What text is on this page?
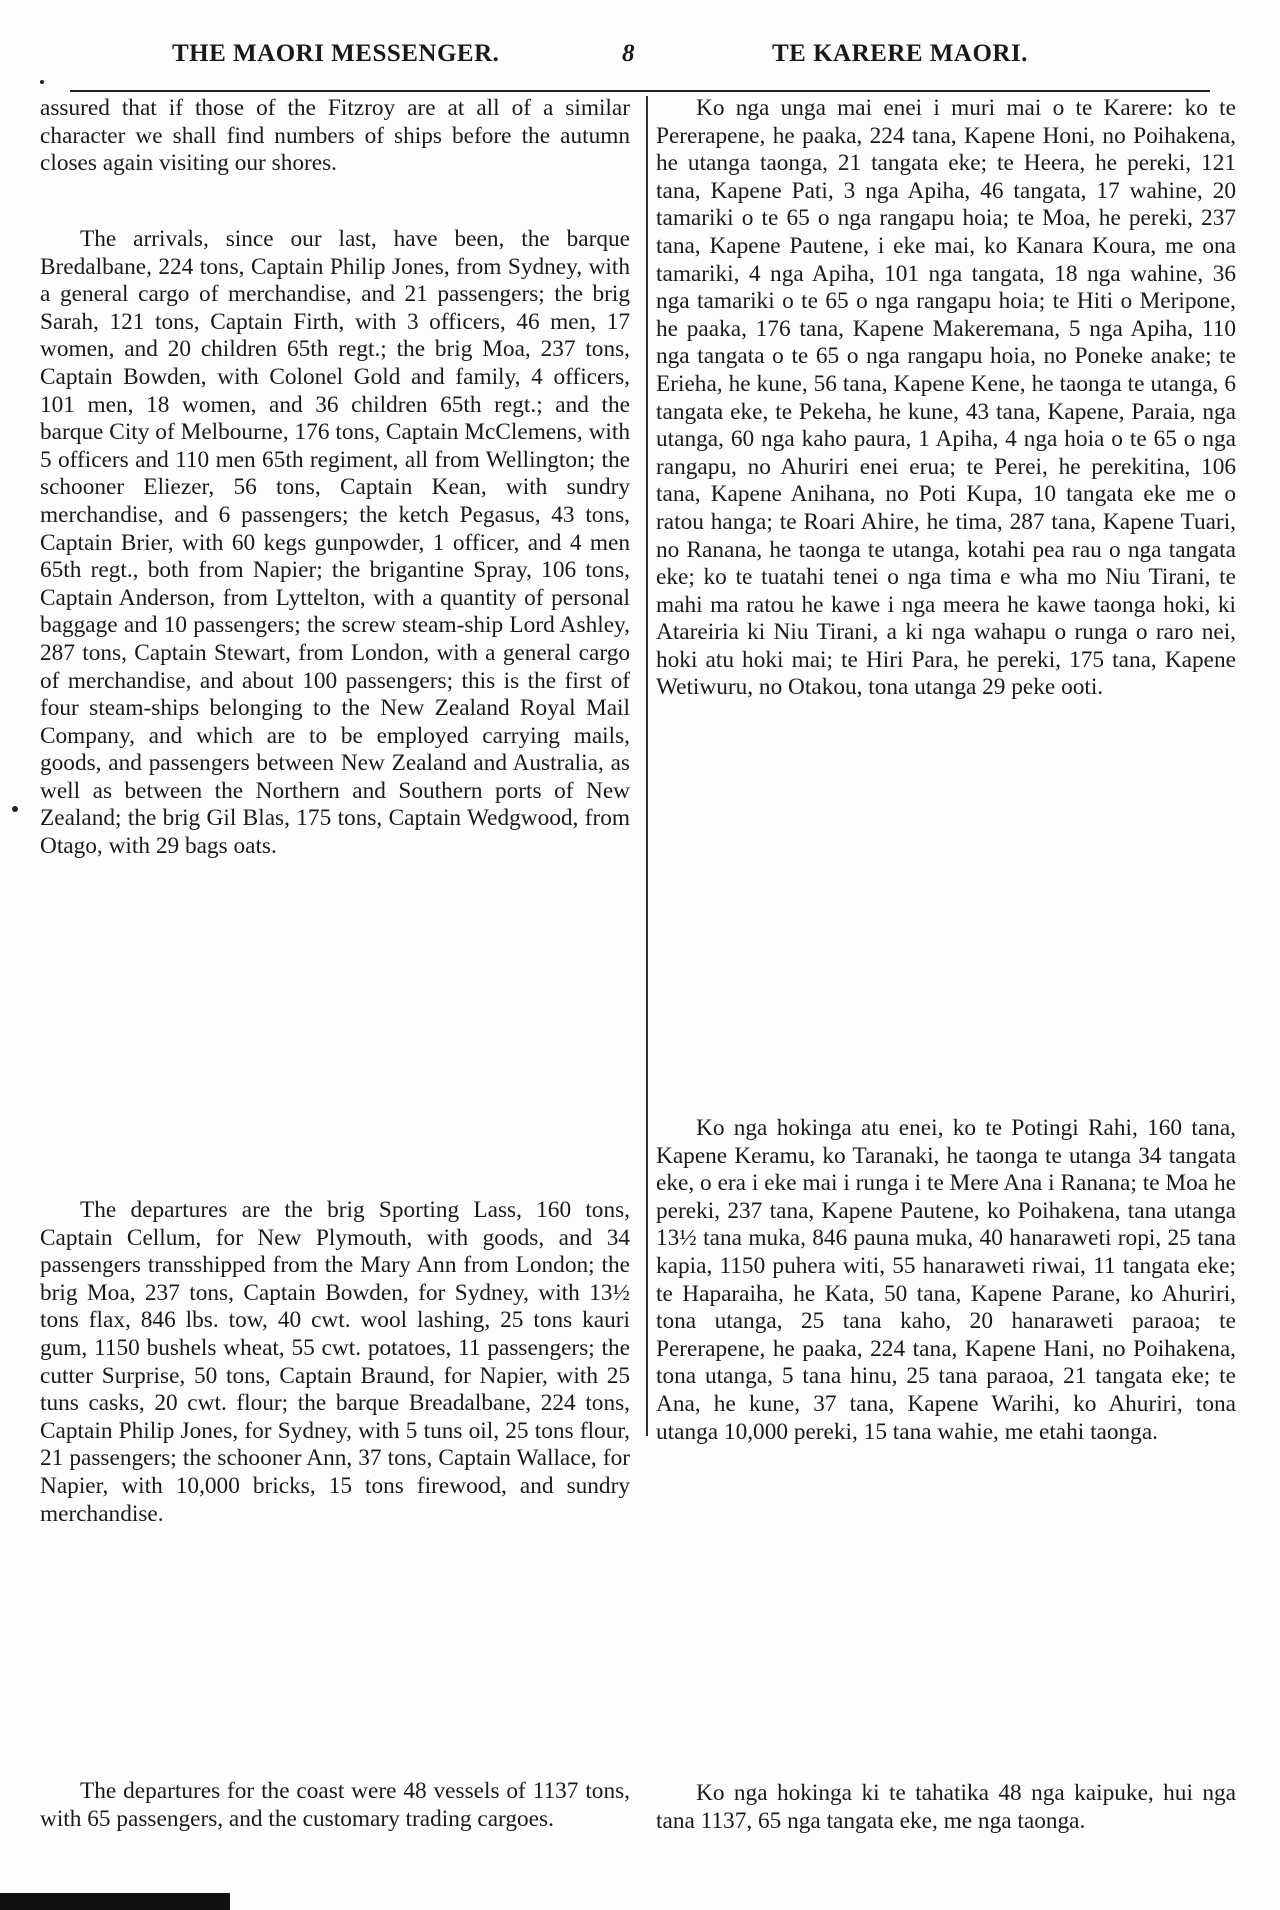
THE MAORI MESSENGER.	8	TE KARERE MAORI.

assured that if those of the Fitzroy are at all of a similar character we shall find numbers of ships before the autumn closes again visiting our shores.

The arrivals, since our last, have been, the barque Bredalbane, 224 tons, Captain Philip Jones, from Sydney, with a general cargo of merchandise, and 21 passengers; the brig Sarah, 121 tons, Captain Firth, with 3 officers, 46 men, 17 women, and 20 children 65th regt.; the brig Moa, 237 tons, Captain Bowden, with Colonel Gold and family, 4 officers, 101 men, 18 women, and 36 children 65th regt.; and the barque City of Melbourne, 176 tons, Captain McClemens, with 5 officers and 110 men 65th regiment, all from Wellington; the schooner Eliezer, 56 tons, Captain Kean, with sundry merchandise, and 6 passengers; the ketch Pegasus, 43 tons, Captain Brier, with 60 kegs gunpowder, 1 officer, and 4 men 65th regt., both from Napier; the brigantine Spray, 106 tons, Captain Anderson, from Lyttelton, with a quantity of personal baggage and 10 passengers; the screw steam-ship Lord Ashley, 287 tons, Captain Stewart, from London, with a general cargo of merchandise, and about 100 passengers; this is the first of four steam-ships belonging to the New Zealand Royal Mail Company, and which are to be employed carrying mails, goods, and passengers between New Zealand and Australia, as well as between the Northern and Southern ports of New Zealand; the brig Gil Blas, 175 tons, Captain Wedgwood, from Otago, with 29 bags oats.

The departures are the brig Sporting Lass, 160 tons, Captain Cellum, for New Plymouth, with goods, and 34 passengers transshipped from the Mary Ann from London; the brig Moa, 237 tons, Captain Bowden, for Sydney, with 13½ tons flax, 846 lbs. tow, 40 cwt. wool lashing, 25 tons kauri gum, 1150 bushels wheat, 55 cwt. potatoes, 11 passengers; the cutter Surprise, 50 tons, Captain Braund, for Napier, with 25 tuns casks, 20 cwt. flour; the barque Breadalbane, 224 tons, Captain Philip Jones, for Sydney, with 5 tuns oil, 25 tons flour, 21 passengers; the schooner Ann, 37 tons, Captain Wallace, for Napier, with 10,000 bricks, 15 tons firewood, and sundry merchandise.

The departures for the coast were 48 vessels of 1137 tons, with 65 passengers, and the customary trading cargoes.

Ko nga unga mai enei i muri mai o te Karere: ko te Pererapene, he paaka, 224 tana, Kapene Honi, no Poihakena, he utanga taonga, 21 tangata eke; te Heera, he pereki, 121 tana, Kapene Pati, 3 nga Apiha, 46 tangata, 17 wahine, 20 tamariki o te 65 o nga rangapu hoia; te Moa, he pereki, 237 tana, Kapene Pautene, i eke mai, ko Kanara Koura, me ona tamariki, 4 nga Apiha, 101 nga tangata, 18 nga wahine, 36 nga tamariki o te 65 o nga rangapu hoia; te Hiti o Meripone, he paaka, 176 tana, Kapene Makeremana, 5 nga Apiha, 110 nga tangata o te 65 o nga rangapu hoia, no Poneke anake; te Erieha, he kune, 56 tana, Kapene Kene, he taonga te utanga, 6 tangata eke, te Pekeha, he kune, 43 tana, Kapene, Paraia, nga utanga, 60 nga kaho paura, 1 Apiha, 4 nga hoia o te 65 o nga rangapu, no Ahuriri enei erua; te Perei, he perekitina, 106 tana, Kapene Anihana, no Poti Kupa, 10 tangata eke me o ratou hanga; te Roari Ahire, he tima, 287 tana, Kapene Tuari, no Ranana, he taonga te utanga, kotahi pea rau o nga tangata eke; ko te tuatahi tenei o nga tima e wha mo Niu Tirani, te mahi ma ratou he kawe i nga meera he kawe taonga hoki, ki Atareiria ki Niu Tirani, a ki nga wahapu o runga o raro nei, hoki atu hoki mai; te Hiri Para, he pereki, 175 tana, Kapene Wetiwuru, no Otakou, tona utanga 29 peke ooti.

Ko nga hokinga atu enei, ko te Potingi Rahi, 160 tana, Kapene Keramu, ko Taranaki, he taonga te utanga 34 tangata eke, o era i eke mai i runga i te Mere Ana i Ranana; te Moa he pereki, 237 tana, Kapene Pautene, ko Poihakena, tana utanga 13½ tana muka, 846 pauna muka, 40 hanaraweti ropi, 25 tana kapia, 1150 puhera witi, 55 hanaraweti riwai, 11 tangata eke; te Haparaiha, he Kata, 50 tana, Kapene Parane, ko Ahuriri, tona utanga, 25 tana kaho, 20 hanaraweti paraoa; te Pererapene, he paaka, 224 tana, Kapene Hani, no Poihakena, tona utanga, 5 tana hinu, 25 tana paraoa, 21 tangata eke; te Ana, he kune, 37 tana, Kapene Warihi, ko Ahuriri, tona utanga 10,000 pereki, 15 tana wahie, me etahi taonga.

Ko nga hokinga ki te tahatika 48 nga kaipuke, hui nga tana 1137, 65 nga tangata eke, me nga taonga.
